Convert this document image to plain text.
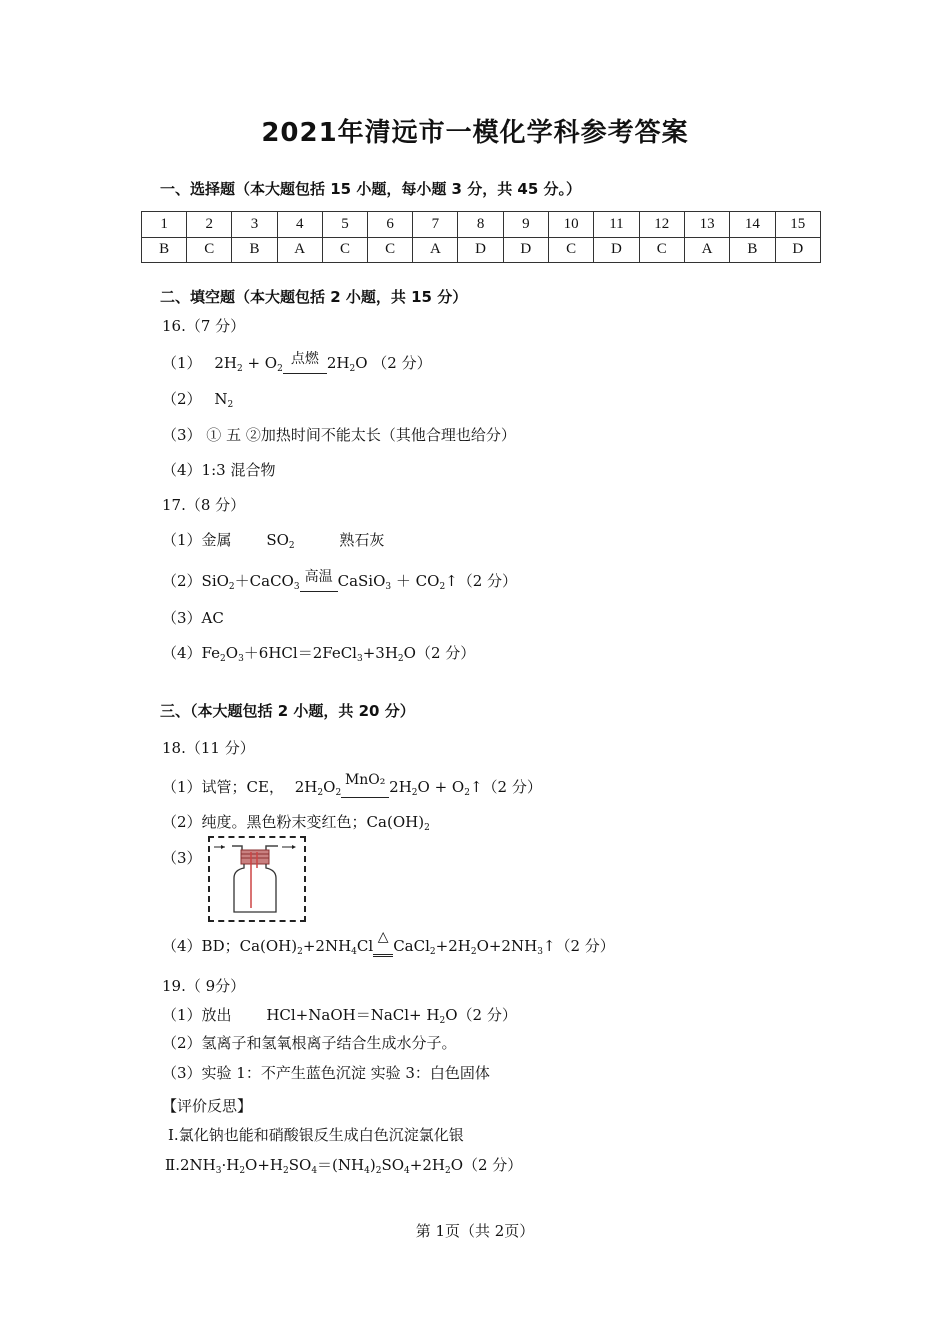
2021年清远市一模化学科参考答案
一、选择题（本大题包括 15 小题，每小题 3 分，共 45 分。）
1	2	3	4	5	6	7	8	9	10	11	12	13	14	15
B	C	B	A	C	C	A	D	D	C	D	C	A	B	D
二、填空题（本大题包括 2 小题，共 15 分）
16.（7 分）
（1） $2H_2 + O_2$
点燃 $2H_2O$ （2 分）
（2） $N_2$
（3） ① 五 ②加热时间不能太长（其他合理也给分）
（4）1:3 混合物
17.（8 分）
（1）金属 $SO_2$	熟石灰
（2）SiO$_2$＋CaCO$_3$
高温 CaSiO$_3$ ＋ $CO_2↑(2$ 分）
（3）AC
$(4)Fe_2O_3+6HCl=2FeCl_3+3H_2O(2$ 分）
三、（本大题包括 2 小题，共 20 分）
18.（11 分）
（1）试管；CE， $2H_2O_2$
MnO₂ $2H_2O$ + $O_2↑(2$ 分）
（2）纯度。黑色粉末变红色；$Ca(OH)_2$
（3）
（4）BD；$Ca(OH)_2+2NH_4Cl$ △ $CaCl_2+2H_2O+2NH_3↑(2$ 分）
19.（ 9分）
（1）放出 HCl+NaOH＝NaCl+ $H_2O(2$ 分）
（2）氢离子和氢氧根离子结合生成水分子。
（3）实验 1：不产生蓝色沉淀 实验 3：白色固体
【评价反思】
Ⅰ.氯化钠也能和硝酸银反生成白色沉淀氯化银
$Ⅱ.2NH_3\cdot H_2O+H_2SO_4=(NH_4)_2SO_4+2H_2O(2$ 分）
第 1页（共 2页）
